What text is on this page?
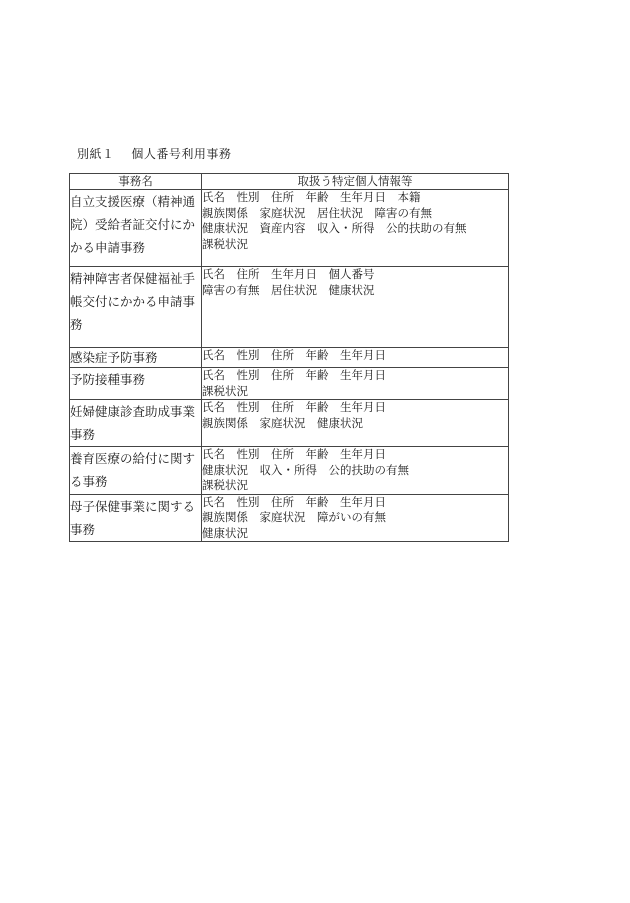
別紙１　 個人番号利用事務
事務名	取扱う特定個人情報等
自立支援医療（精神通院）受給者証交付にかかる申請事務	氏名　性別　住所　年齢　生年月日　本籍
親族関係　家庭状況　居住状況　障害の有無
健康状況　資産内容　収入・所得　公的扶助の有無
課税状況

精神障害者保健福祉手帳交付にかかる申請事務	氏名　住所　生年月日　個人番号
障害の有無　居住状況　健康状況

感染症予防事務	氏名　性別　住所　年齢　生年月日

予防接種事務	氏名　性別　住所　年齢　生年月日
課税状況

妊婦健康診査助成事業事務	氏名　性別　住所　年齢　生年月日
親族関係　家庭状況　健康状況

養育医療の給付に関する事務	氏名　性別　住所　年齢　生年月日
健康状況　収入・所得　公的扶助の有無
課税状況

母子保健事業に関する事務	氏名　性別　住所　年齢　生年月日
親族関係　家庭状況　障がいの有無
健康状況
